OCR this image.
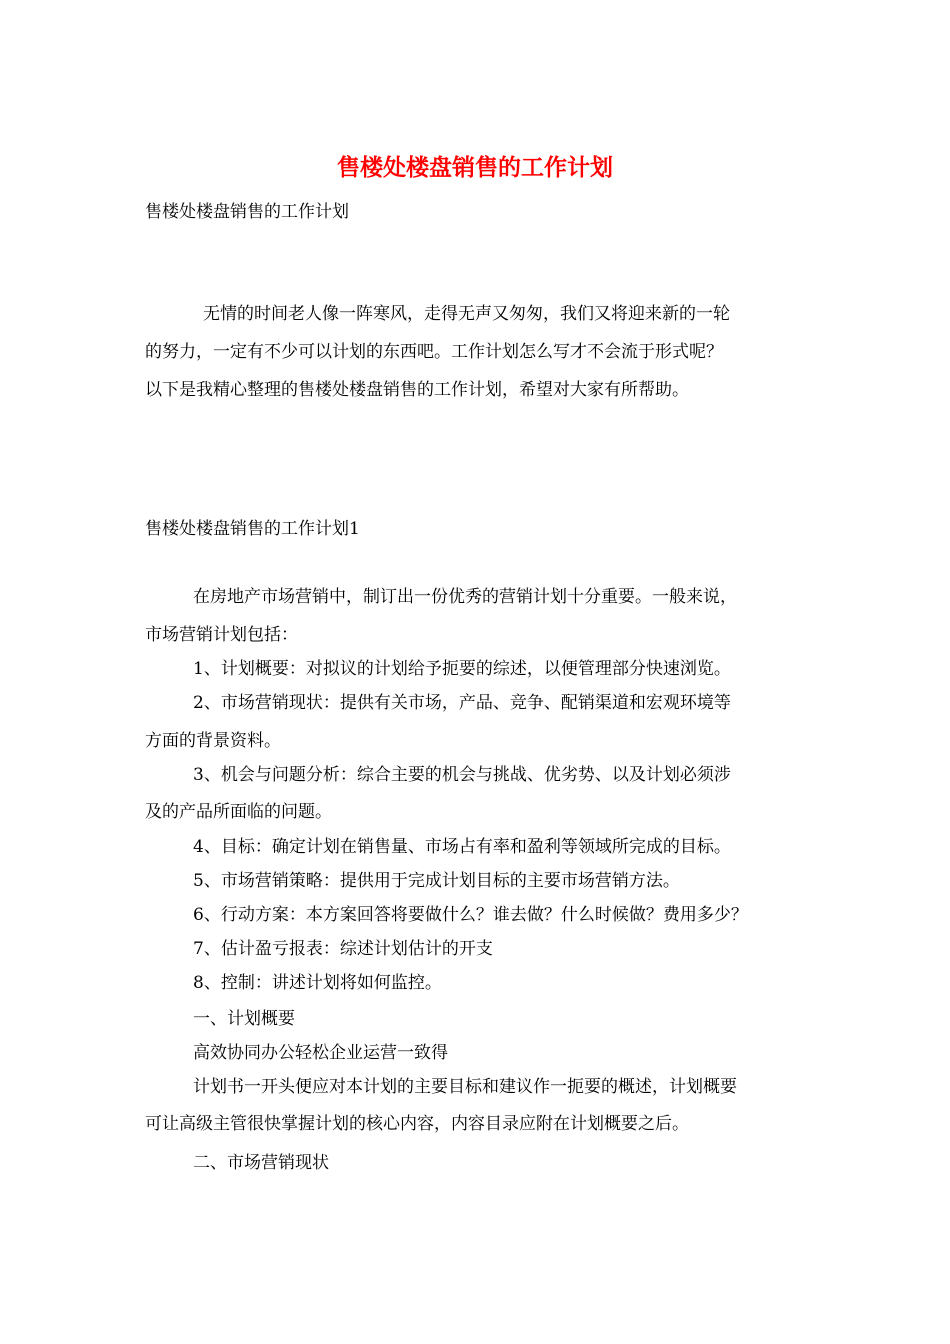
售楼处楼盘销售的工作计划
售楼处楼盘销售的工作计划
无情的时间老人像一阵寒风，走得无声又匆匆，我们又将迎来新的一轮
的努力，一定有不少可以计划的东西吧。工作计划怎么写才不会流于形式呢？
以下是我精心整理的售楼处楼盘销售的工作计划，希望对大家有所帮助。
售楼处楼盘销售的工作计划1
在房地产市场营销中，制订出一份优秀的营销计划十分重要。一般来说，
市场营销计划包括：
1、计划概要：对拟议的计划给予扼要的综述，以便管理部分快速浏览。
2、市场营销现状：提供有关市场，产品、竞争、配销渠道和宏观环境等
方面的背景资料。
3、机会与问题分析：综合主要的机会与挑战、优劣势、以及计划必须涉
及的产品所面临的问题。
4、目标：确定计划在销售量、市场占有率和盈利等领域所完成的目标。
5、市场营销策略：提供用于完成计划目标的主要市场营销方法。
6、行动方案：本方案回答将要做什么？谁去做？什么时候做？费用多少？
7、估计盈亏报表：综述计划估计的开支
8、控制：讲述计划将如何监控。
一、计划概要
高效协同办公轻松企业运营一致得
计划书一开头便应对本计划的主要目标和建议作一扼要的概述，计划概要
可让高级主管很快掌握计划的核心内容，内容目录应附在计划概要之后。
二、市场营销现状
